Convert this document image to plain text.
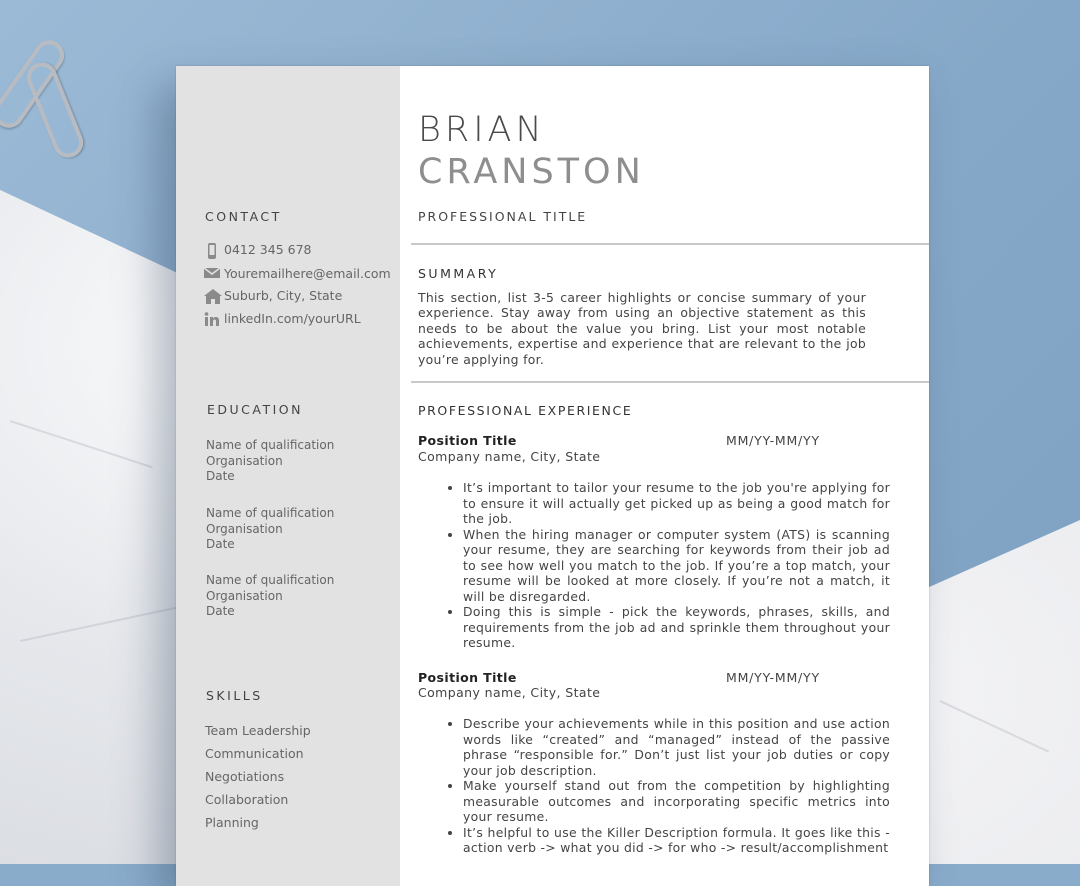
CONTACT
0412 345 678
Youremailhere@email.com
Suburb, City, State
linkedIn.com/yourURL
EDUCATION
Name of qualification
Organisation
Date
Name of qualification
Organisation
Date
Name of qualification
Organisation
Date
SKILLS
Team Leadership
Communication
Negotiations
Collaboration
Planning
BRIAN
CRANSTON
PROFESSIONAL TITLE
SUMMARY
This section, list 3-5 career highlights or concise summary of your experience. Stay away from using an objective statement as this needs to be about the value you bring. List your most notable achievements, expertise and experience that are relevant to the job you’re applying for.
PROFESSIONAL EXPERIENCE
Position Title	MM/YY-MM/YY
Company name, City, State
• It’s important to tailor your resume to the job you're applying for to ensure it will actually get picked up as being a good match for the job.
• When the hiring manager or computer system (ATS) is scanning your resume, they are searching for keywords from their job ad to see how well you match to the job. If you’re a top match, your resume will be looked at more closely. If you’re not a match, it will be disregarded.
• Doing this is simple - pick the keywords, phrases, skills, and requirements from the job ad and sprinkle them throughout your resume.
Position Title	MM/YY-MM/YY
Company name, City, State
• Describe your achievements while in this position and use action words like “created” and “managed” instead of the passive phrase “responsible for.” Don’t just list your job duties or copy your job description.
• Make yourself stand out from the competition by highlighting measurable outcomes and incorporating specific metrics into your resume.
• It’s helpful to use the Killer Description formula. It goes like this - action verb -> what you did -> for who -> result/accomplishment
